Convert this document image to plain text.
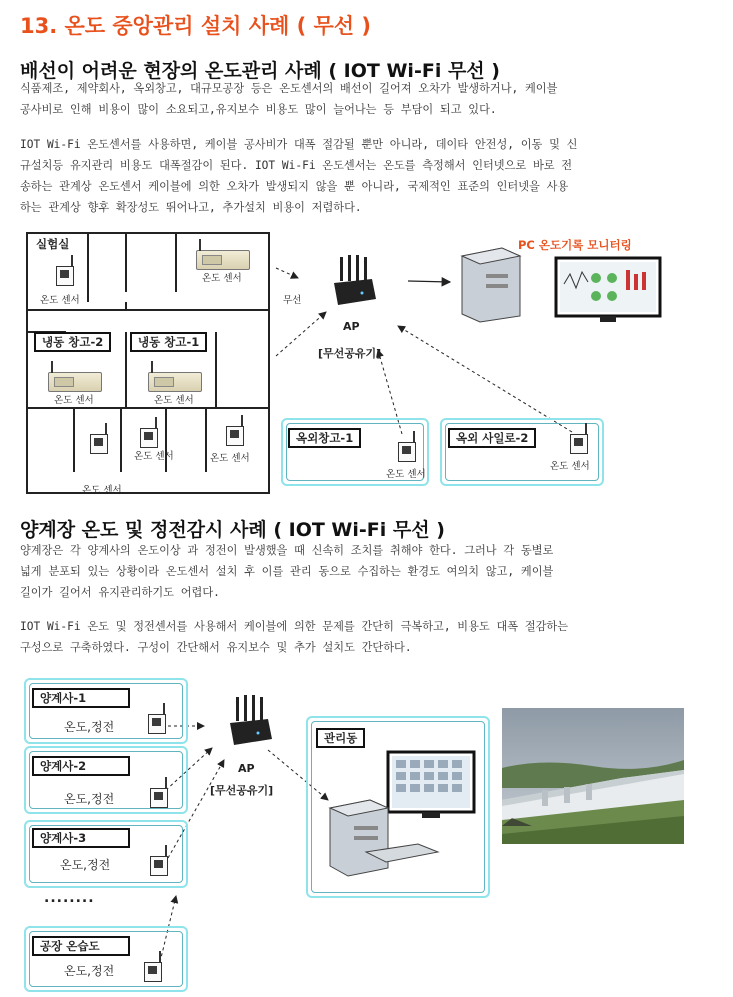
13. 온도 중앙관리 설치 사례 ( 무선 )
배선이 어려운 현장의 온도관리 사례 ( IOT Wi-Fi 무선 )
식품제조, 제약회사, 옥외창고, 대규모공장 등은 온도센서의 배선이 길어져 오차가 발생하거나, 케이블
공사비로 인해 비용이 많이 소요되고,유지보수 비용도 많이 늘어나는 등 부담이 되고 있다.
IOT Wi-Fi 온도센서를 사용하면, 케이블 공사비가 대폭 절감될 뿐만 아니라, 데이타 안전성, 이동 및 신
규설치등 유지관리 비용도 대폭절감이 된다. IOT Wi-Fi 온도센서는 온도를 측정해서 인터넷으로 바로 전
송하는 관계상 온도센서 케이블에 의한 오차가 발생되지 않을 뿐 아니라, 국제적인 표준의 인터넷을 사용
하는 관계상 향후 확장성도 뛰어나고, 추가설치 비용이 저렴하다.
실험실
온도 센서
온도 센서
냉동 창고-2	냉동 창고-1
온도 센서	온도 센서
온도 센서	온도 센서
온도 센서
무선
AP
[무선공유기]
PC 온도기록 모니터링
옥외창고-1
온도 센서
옥외 사일로-2
온도 센서
양계장 온도 및 정전감시 사례 ( IOT Wi-Fi 무선 )
양계장은 각 양계사의 온도이상 과 정전이 발생했을 때 신속히 조치를 취해야 한다. 그러나 각 동별로
넓게 분포되 있는 상황이라 온도센서 설치 후 이를 관리 동으로 수집하는 환경도 여의치 않고, 케이블
길이가 길어서 유지관리하기도 어렵다.
IOT Wi-Fi 온도 및 정전센서를 사용해서 케이블에 의한 문제를 간단히 극복하고, 비용도 대폭 절감하는
구성으로 구축하였다. 구성이 간단해서 유지보수 및 추가 설치도 간단하다.
양계사-1
온도,정전
양계사-2
온도,정전
양계사-3
온도,정전
........
공장 온습도
온도,정전
AP
[무선공유기]
관리동
